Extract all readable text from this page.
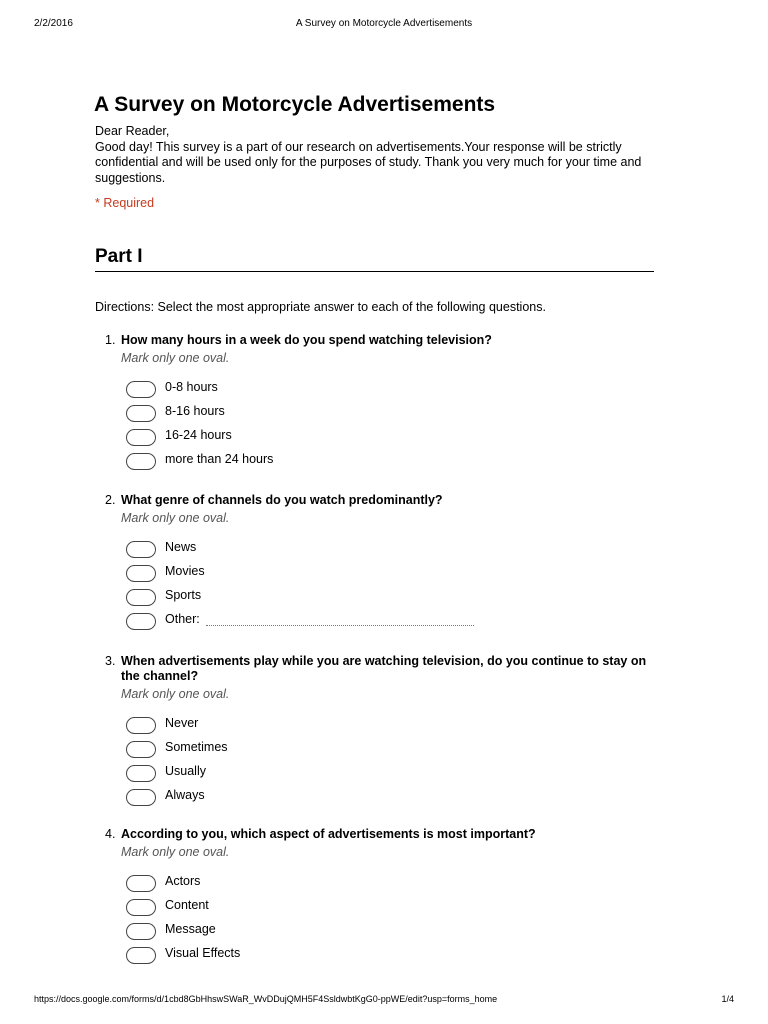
2/2/2016	A Survey on Motorcycle Advertisements
A Survey on Motorcycle Advertisements

Dear Reader,

Good day! This survey is a part of our research on advertisements.Your response will be strictly confidential and will be used only for the purposes of study. Thank you very much for your time and suggestions.

* Required
Part I
Directions: Select the most appropriate answer to each of the following questions.
1. How many hours in a week do you spend watching television?
Mark only one oval.
0-8 hours
8-16 hours
16-24 hours
more than 24 hours
2. What genre of channels do you watch predominantly?
Mark only one oval.
News
Movies
Sports
Other:
3. When advertisements play while you are watching television, do you continue to stay on the channel?
Mark only one oval.
Never
Sometimes
Usually
Always
4. According to you, which aspect of advertisements is most important?
Mark only one oval.
Actors
Content
Message
Visual Effects
https://docs.google.com/forms/d/1cbd8GbHhswSWaR_WvDDujQMH5F4SsldwbtKgG0-ppWE/edit?usp=forms_home	1/4
